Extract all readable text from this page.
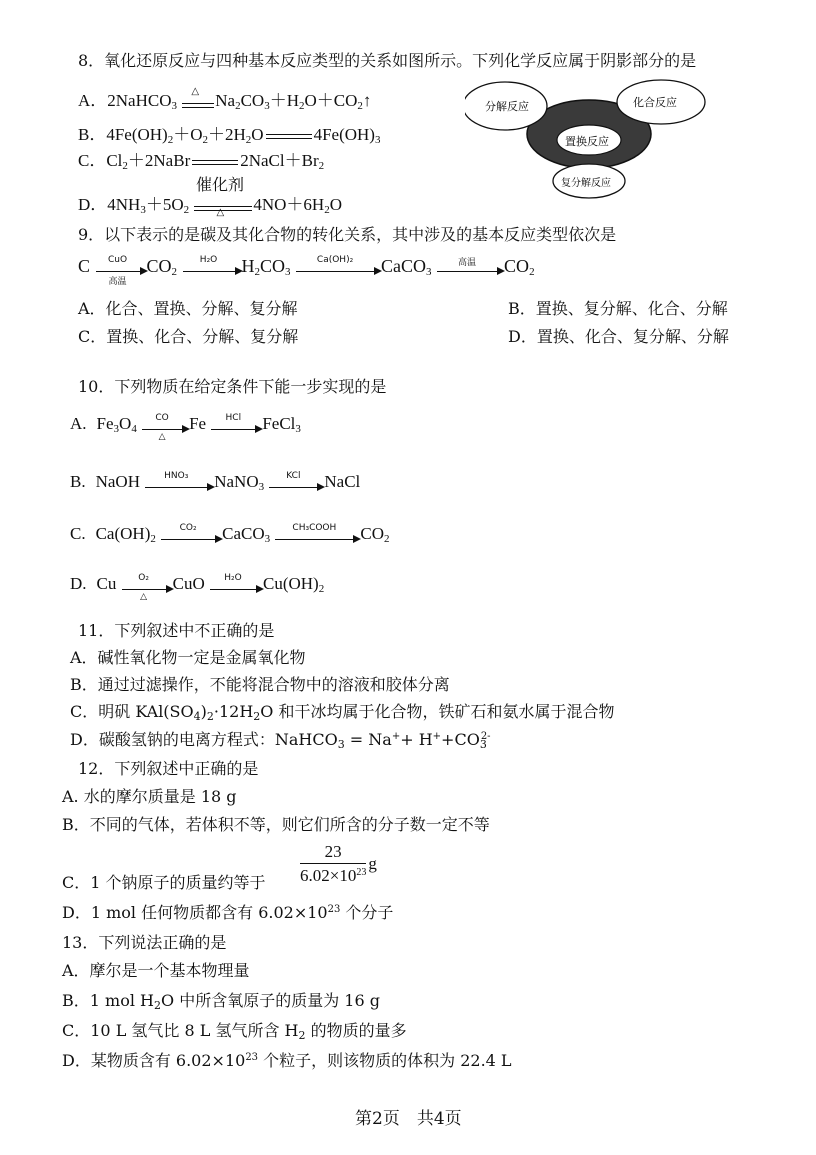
8．氧化还原反应与四种基本反应类型的关系如图所示。下列化学反应属于阴影部分的是
A．2NaHCO$_3$
△ $Na_2CO_3+H_2O+CO_2↑$
B．$4Fe(OH)_2+O_2+2H_2O$	$4Fe(OH)_3$
C．$Cl_2+2NaBr$	$2NaCl+Br_2$
催化剂
D．$4NH_3+5O_2$	△	$4NO+6H_2O$
分解反应	化合反应
置换反应
复分解反应
9．以下表示的是碳及其化合物的转化关系，其中涉及的基本反应类型依次是
C	CuO
高温
$CO_2$
H₂O	$H_2CO_3$
Ca(OH)₂	CaCO$_3$
高温	$CO_2$
A．化合、置换、分解、复分解	B．置换、复分解、化合、分解
C．置换、化合、分解、复分解	D．置换、化合、复分解、分解
10．下列物质在给定条件下能一步实现的是
A. $Fe_3O_4$
CO
△
Fe	HCl	FeCl$_3$
B. NaOH	HNO₃	NaNO$_3$
KCl	NaCl
C. $Ca(OH)_2$
CO₂	CaCO$_3$
CH₃COOH	$CO_2$
D. Cu	O₂
△
CuO	H₂O	$Cu(OH)_2$
11．下列叙述中不正确的是
A．碱性氧化物一定是金属氧化物
B．通过过滤操作，不能将混合物中的溶液和胶体分离
C．明矾 $KAl(SO_4)_2\cdot 12H_2O$ 和干冰均属于化合物，铁矿石和氨水属于混合物
D．碳酸氢钠的电离方程式：NaHCO$_3$ = $Na^++ H^++CO_3^{2-}$
12．下列叙述中正确的是
A. 水的摩尔质量是 18 g
B．不同的气体，若体积不等，则它们所含的分子数一定不等
C．1 个钠原子的质量约等于 $\frac{23}{6.02\times 10^{23}}$ g
D．1 mol 任何物质都含有 $6.02\times 10^{23}$ 个分子
13．下列说法正确的是
A．摩尔是一个基本物理量
B．1 mol $H_2O$ 中所含氧原子的质量为 16 g
C．10 L 氢气比 8 L 氢气所含 $H_2$ 的物质的量多
D．某物质含有 $6.02\times 10^{23}$ 个粒子，则该物质的体积为 22.4 L
第2页　共4页
